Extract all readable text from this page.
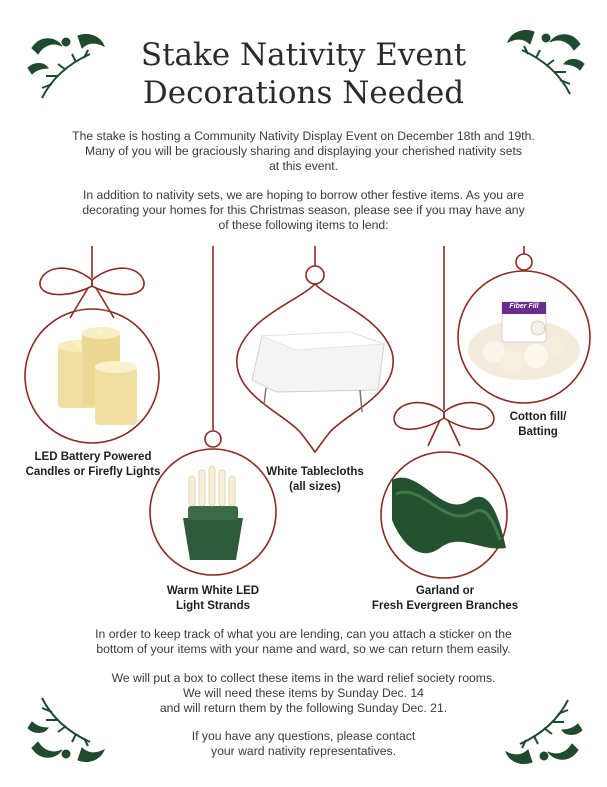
Stake Nativity Event
Decorations Needed
The stake is hosting a Community Nativity Display Event on December 18th and 19th.
Many of you will be graciously sharing and displaying your cherished nativity sets
at this event.
In addition to nativity sets, we are hoping to borrow other festive items. As you are
decorating your homes for this Christmas season, please see if you may have any
of these following items to lend:
Fiber Fill
LED Battery Powered
Candles or Firefly Lights
Warm White LED
Light Strands
White Tablecloths
(all sizes)
Garland or
Fresh Evergreen Branches
Cotton fill/
Batting
In order to keep track of what you are lending, can you attach a sticker on the
bottom of your items with your name and ward, so we can return them easily.
We will put a box to collect these items in the ward relief society rooms.
We will need these items by Sunday Dec. 14
and will return them by the following Sunday Dec. 21.
If you have any questions, please contact
your ward nativity representatives.
